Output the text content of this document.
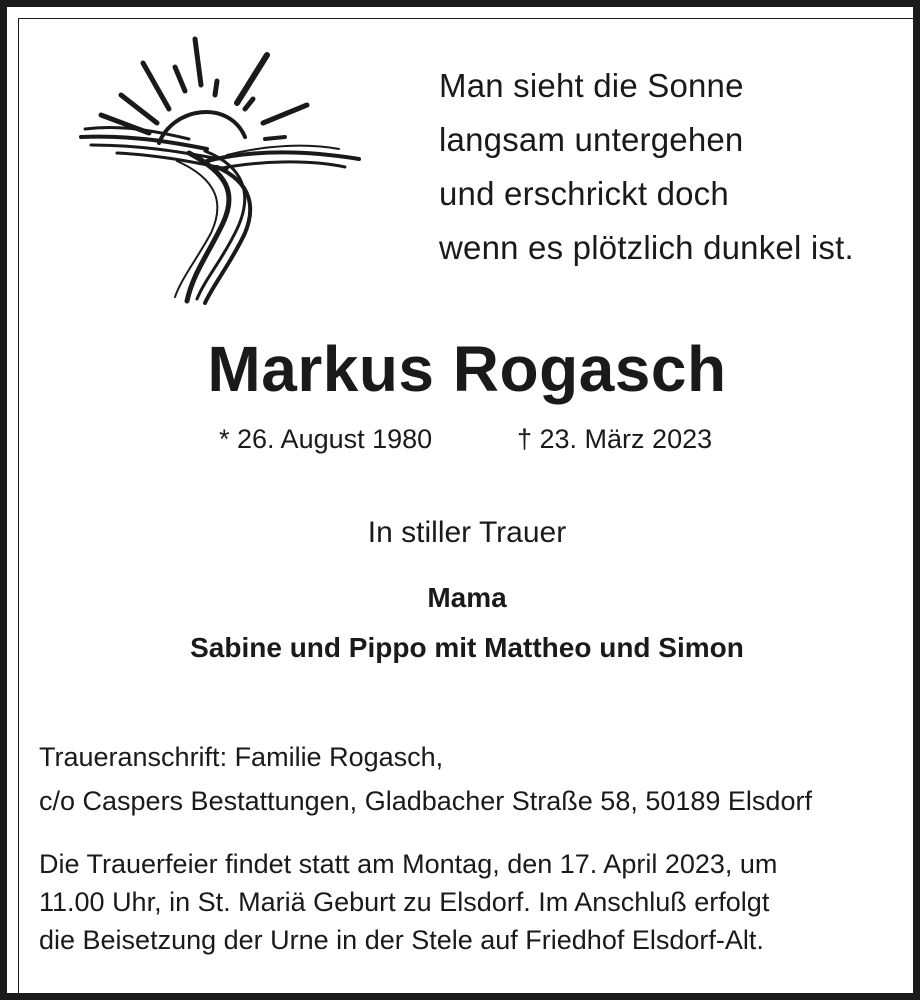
Man sieht die Sonne
langsam untergehen
und erschrickt doch
wenn es plötzlich dunkel ist.
Markus Rogasch
* 26. August 1980	† 23. März 2023
In stiller Trauer
Mama
Sabine und Pippo mit Mattheo und Simon
Traueranschrift: Familie Rogasch,
c/o Caspers Bestattungen, Gladbacher Straße 58, 50189 Elsdorf
Die Trauerfeier findet statt am Montag, den 17. April 2023, um
11.00 Uhr, in St. Mariä Geburt zu Elsdorf. Im Anschluß erfolgt
die Beisetzung der Urne in der Stele auf Friedhof Elsdorf-Alt.
